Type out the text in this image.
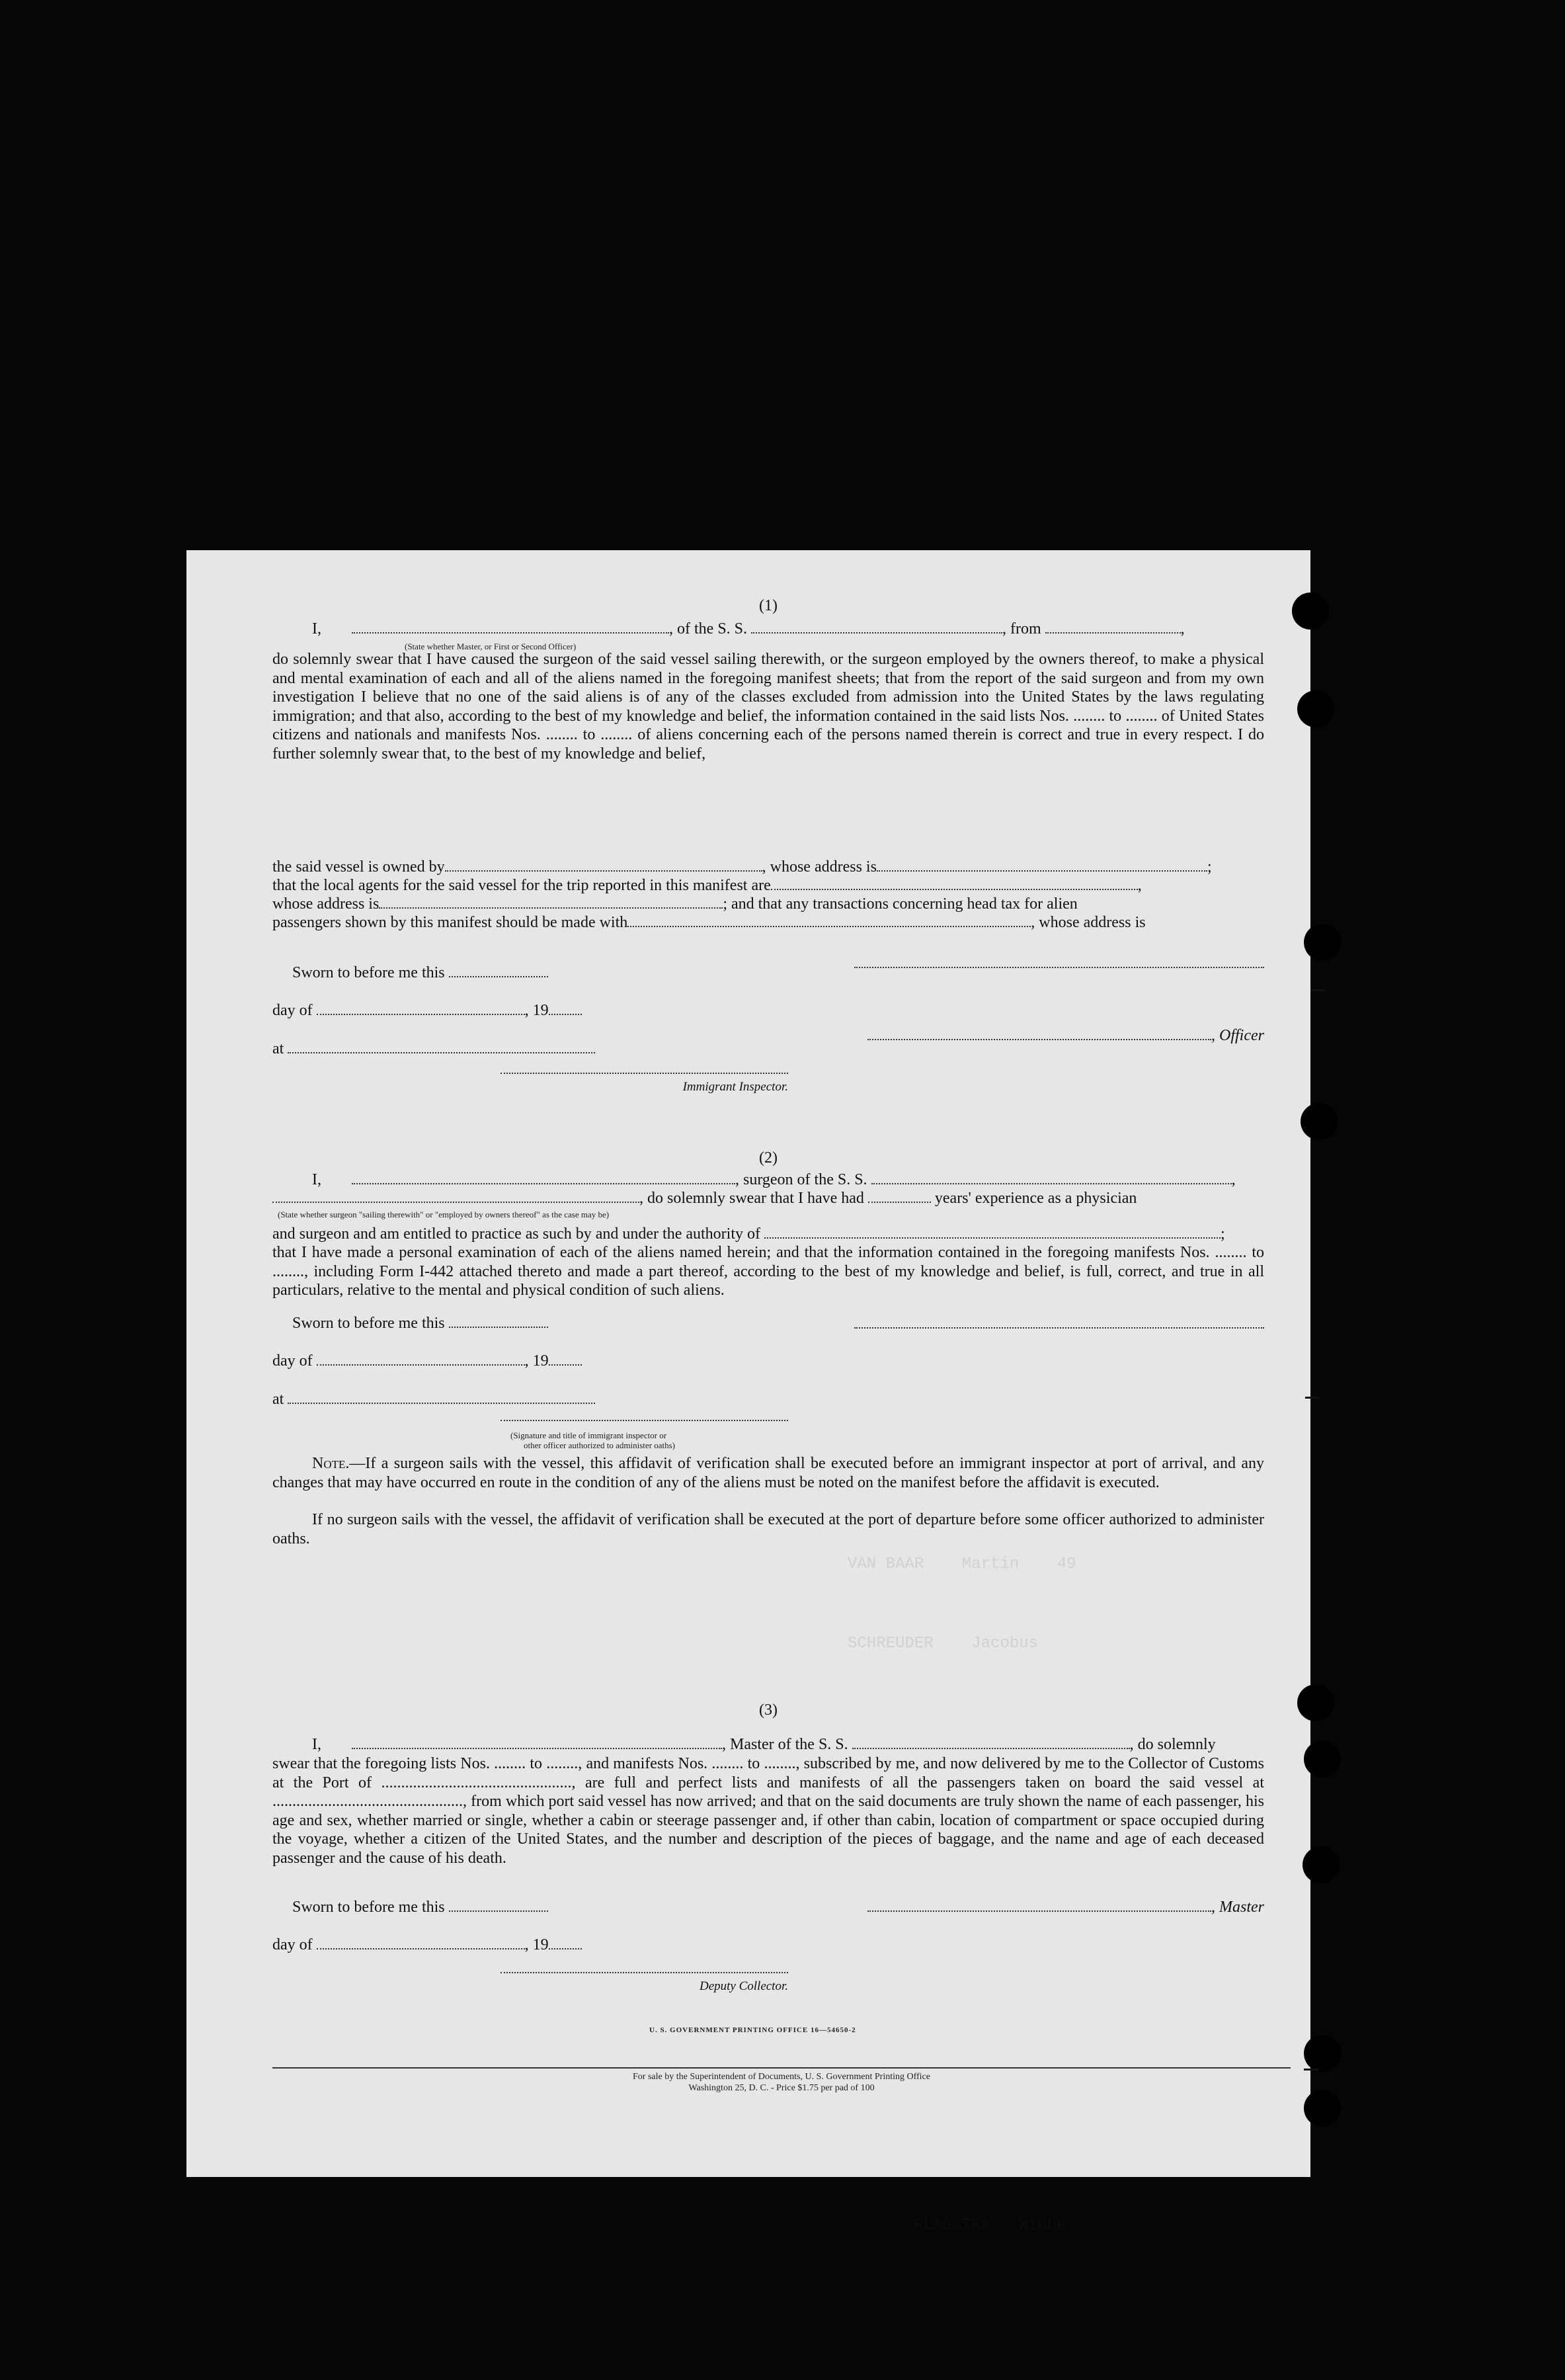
VAN BAAR    Martin    49
SCHREUDER    Jacobus
FLAGSTRA   Wiebe
(1)
I,	, of the S. S.	, from	,
(State whether Master, or First or Second Officer)
do solemnly swear that I have caused the surgeon of the said vessel sailing therewith, or the surgeon employed by the owners thereof, to make a physical and mental examination of each and all of the aliens named in the foregoing manifest sheets; that from the report of the said surgeon and from my own investigation I believe that no one of the said aliens is of any of the classes excluded from admission into the United States by the laws regulating immigration; and that also, according to the best of my knowledge and belief, the information contained in the said lists Nos. ........ to ........ of United States citizens and nationals and manifests Nos. ........ to ........ of aliens concerning each of the persons named therein is correct and true in every respect. I do further solemnly swear that, to the best of my knowledge and belief,
the said vessel is owned by	, whose address is	;
that the local agents for the said vessel for the trip reported in this manifest are	,
whose address is	; and that any transactions concerning head tax for alien
passengers shown by this manifest should be made with	, whose address is
Sworn to before me this
day of	, 19
at
, Officer
Immigrant Inspector.
(2)
I,	, surgeon of the S. S.	,
, do solemnly swear that I have had	years' experience as a physician
(State whether surgeon "sailing therewith" or "employed by owners thereof" as the case may be)
and surgeon and am entitled to practice as such by and under the authority of	;
that I have made a personal examination of each of the aliens named herein; and that the information contained in the foregoing manifests Nos. ........ to ........, including Form I-442 attached thereto and made a part thereof, according to the best of my knowledge and belief, is full, correct, and true in all particulars, relative to the mental and physical condition of such aliens.
Sworn to before me this
day of	, 19
at
(Signature and title of immigrant inspector or
other officer authorized to administer oaths)
Note.—If a surgeon sails with the vessel, this affidavit of verification shall be executed before an immigrant inspector at port of arrival, and any changes that may have occurred en route in the condition of any of the aliens must be noted on the manifest before the affidavit is executed.
If no surgeon sails with the vessel, the affidavit of verification shall be executed at the port of departure before some officer authorized to administer oaths.
(3)
I,	, Master of the S. S.	, do solemnly
swear that the foregoing lists Nos. ........ to ........, and manifests Nos. ........ to ........, subscribed by me, and now delivered by me to the Collector of Customs at the Port of ................................................, are full and perfect lists and manifests of all the passengers taken on board the said vessel at ................................................, from which port said vessel has now arrived; and that on the said documents are truly shown the name of each passenger, his age and sex, whether married or single, whether a cabin or steerage passenger and, if other than cabin, location of compartment or space occupied during the voyage, whether a citizen of the United States, and the number and description of the pieces of baggage, and the name and age of each deceased passenger and the cause of his death.
Sworn to before me this	, Master
day of	, 19
Deputy Collector.
U. S. GOVERNMENT PRINTING OFFICE 16—54650-2
For sale by the Superintendent of Documents, U. S. Government Printing Office
Washington 25, D. C. - Price $1.75 per pad of 100
